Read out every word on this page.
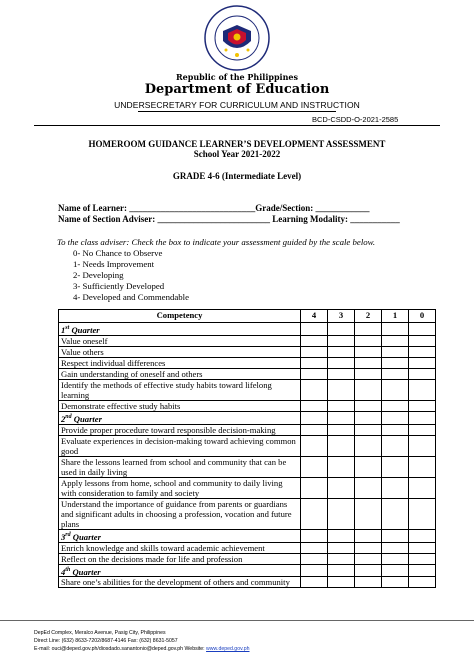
Republic of the Philippines
Department of Education
UNDERSECRETARY FOR CURRICULUM AND INSTRUCTION
BCD-CSDD-O-2021-2585
HOMEROOM GUIDANCE LEARNER’S DEVELOPMENT ASSESSMENT
School Year 2021-2022
GRADE 4-6 (Intermediate Level)
Name of Learner: ____________________________Grade/Section: ____________
Name of Section Adviser: _________________________ Learning Modality: ___________
To the class adviser: Check the box to indicate your assessment guided by the scale below.
0- No Chance to Observe
1- Needs Improvement
2- Developing
3- Sufficiently Developed
4- Developed and Commendable
Competency	4	3	2	1	0
1st Quarter					
Value oneself					
Value others					
Respect individual differences					
Gain understanding of oneself and others					
Identify the methods of effective study habits toward lifelong learning					
Demonstrate effective study habits					
2nd Quarter					
Provide proper procedure toward responsible decision-making					
Evaluate experiences in decision-making toward achieving common good					
Share the lessons learned from school and community that can be used in daily living					
Apply lessons from home, school and community to daily living with consideration to family and society					
Understand the importance of guidance from parents or guardians and significant adults in choosing a profession, vocation and future plans					
3rd Quarter					
Enrich knowledge and skills toward academic achievement					
Reflect on the decisions made for life and profession					
4th Quarter					
Share one’s abilities for the development of others and community					
DepEd Complex, Meralco Avenue, Pasig City, Philippines
Direct Line: (632) 8633-7202/8687-4146 Fax: (632) 8631-5057
E-mail: ouci@deped.gov.ph/diosdado.sanantonio@deped.gov.ph Website: www.deped.gov.ph
